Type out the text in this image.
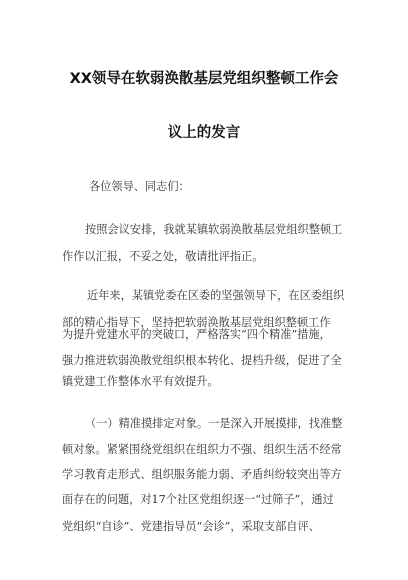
XX领导在软弱涣散基层党组织整顿工作会
议上的发言
各位领导、同志们：
按照会议安排，我就某镇软弱涣散基层党组织整顿工
作作以汇报，不妥之处，敬请批评指正。
近年来，某镇党委在区委的坚强领导下，在区委组织
部的精心指导下，坚持把软弱涣散基层党组织整顿工作
为提升党建水平的突破口，严格落实“四个精准”措施，
强力推进软弱涣散党组织根本转化、提档升级，促进了全
镇党建工作整体水平有效提升。
（一）精准摸排定对象。一是深入开展摸排，找准整
顿对象。紧紧围绕党组织在组织力不强、组织生活不经常
学习教育走形式、组织服务能力弱、矛盾纠纷较突出等方
面存在的问题，对17个社区党组织逐一“过筛子”，通过
党组织“自诊”、党建指导员“会诊”，采取支部自评、
